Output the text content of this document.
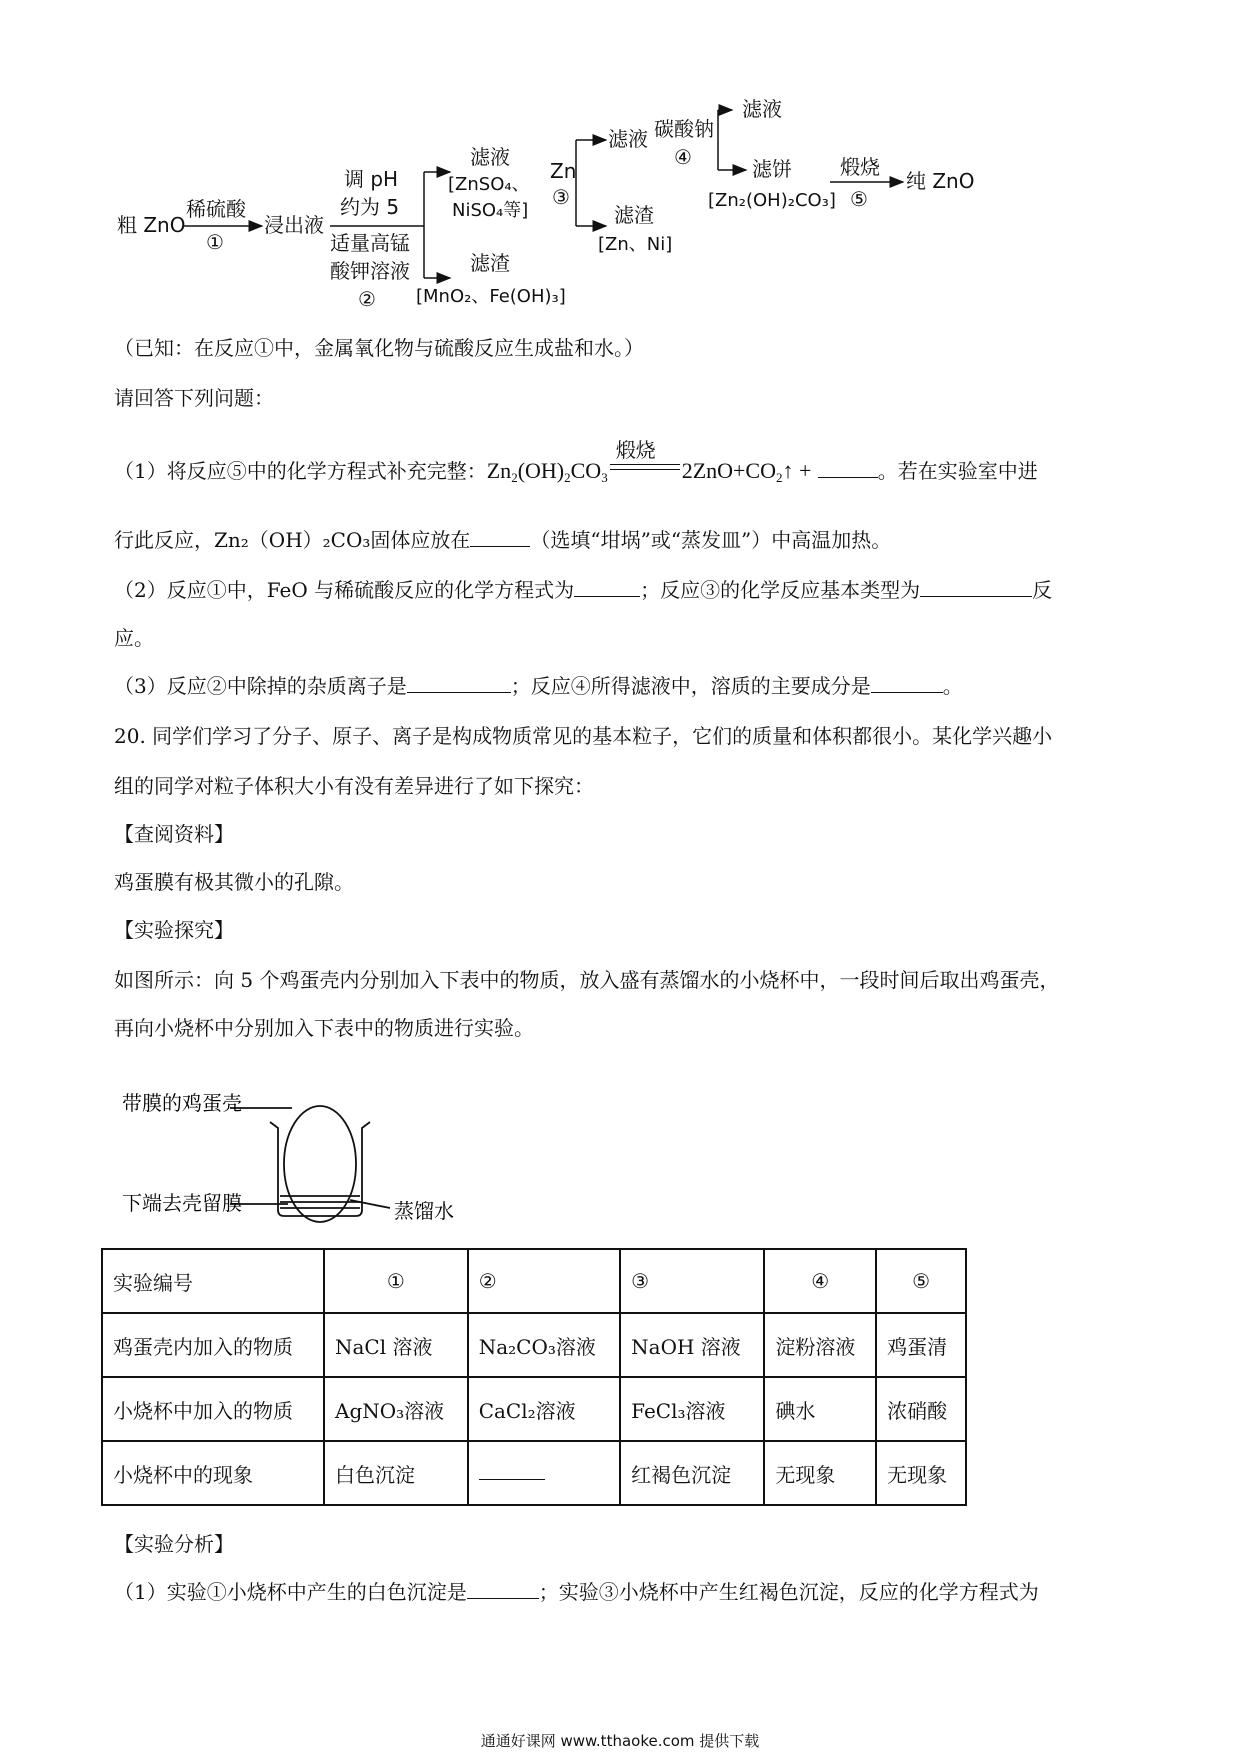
粗 ZnO
稀硫酸
①
浸出液
调 pH
约为 5
适量高锰
酸钾溶液
②
滤液
[ZnSO₄、
NiSO₄等]
滤渣
[MnO₂、Fe(OH)₃]
Zn
③
滤液
滤渣
[Zn、Ni]
碳酸钠
④
滤液
滤饼
[Zn₂(OH)₂CO₃]
煅烧
⑤
纯 ZnO
（已知：在反应①中，金属氧化物与硫酸反应生成盐和水。）
请回答下列问题：
（1）将反应⑤中的化学方程式补充完整：$Zn_2(OH)_2CO_3$
煅烧
$2ZnO+CO_2↑$ +	。若在实验室中进
行此反应，Zn₂（OH）₂CO₃固体应放在	（选填“坩埚”或“蒸发皿”）中高温加热。
（2）反应①中，FeO 与稀硫酸反应的化学方程式为	；反应③的化学反应基本类型为	反
应。
（3）反应②中除掉的杂质离子是	；反应④所得滤液中，溶质的主要成分是	。
20. 同学们学习了分子、原子、离子是构成物质常见的基本粒子，它们的质量和体积都很小。某化学兴趣小
组的同学对粒子体积大小有没有差异进行了如下探究：
【查阅资料】
鸡蛋膜有极其微小的孔隙。
【实验探究】
如图所示：向 5 个鸡蛋壳内分别加入下表中的物质，放入盛有蒸馏水的小烧杯中，一段时间后取出鸡蛋壳，
再向小烧杯中分别加入下表中的物质进行实验。
带膜的鸡蛋壳
下端去壳留膜	蒸馏水
实验编号	①	②	③	④	⑤
鸡蛋壳内加入的物质	NaCl 溶液	Na₂CO₃溶液	NaOH 溶液	淀粉溶液	鸡蛋清
小烧杯中加入的物质	AgNO₃溶液	CaCl₂溶液	FeCl₃溶液	碘水	浓硝酸
小烧杯中的现象	白色沉淀		红褐色沉淀	无现象	无现象
【实验分析】
（1）实验①小烧杯中产生的白色沉淀是	；实验③小烧杯中产生红褐色沉淀，反应的化学方程式为
通通好课网 www.tthaoke.com 提供下载
